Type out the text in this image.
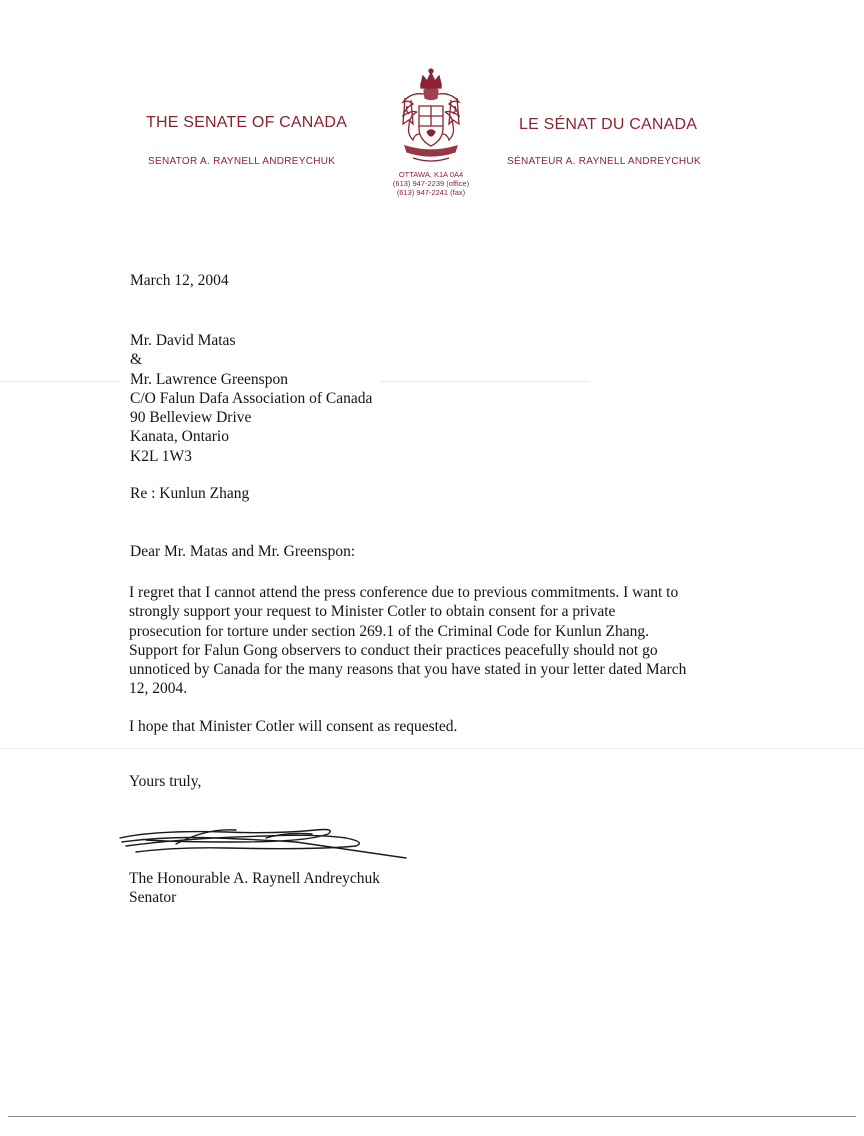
THE SENATE OF CANADA	LE SÉNAT DU CANADA
SENATOR A. RAYNELL ANDREYCHUK	SÉNATEUR A. RAYNELL ANDREYCHUK
OTTAWA, K1A 0A4
(613) 947-2239 (office)
(613) 947-2241 (fax)
March 12, 2004
Mr. David Matas
&
Mr. Lawrence Greenspon
C/O Falun Dafa Association of Canada
90 Belleview Drive
Kanata, Ontario
K2L 1W3
Re : Kunlun Zhang
Dear Mr. Matas and Mr. Greenspon:
I regret that I cannot attend the press conference due to previous commitments. I want to
strongly support your request to Minister Cotler to obtain consent for a private
prosecution for torture under section 269.1 of the Criminal Code for Kunlun Zhang.
Support for Falun Gong observers to conduct their practices peacefully should not go
unnoticed by Canada for the many reasons that you have stated in your letter dated March
12, 2004.
I hope that Minister Cotler will consent as requested.
Yours truly,
The Honourable A. Raynell Andreychuk
Senator
